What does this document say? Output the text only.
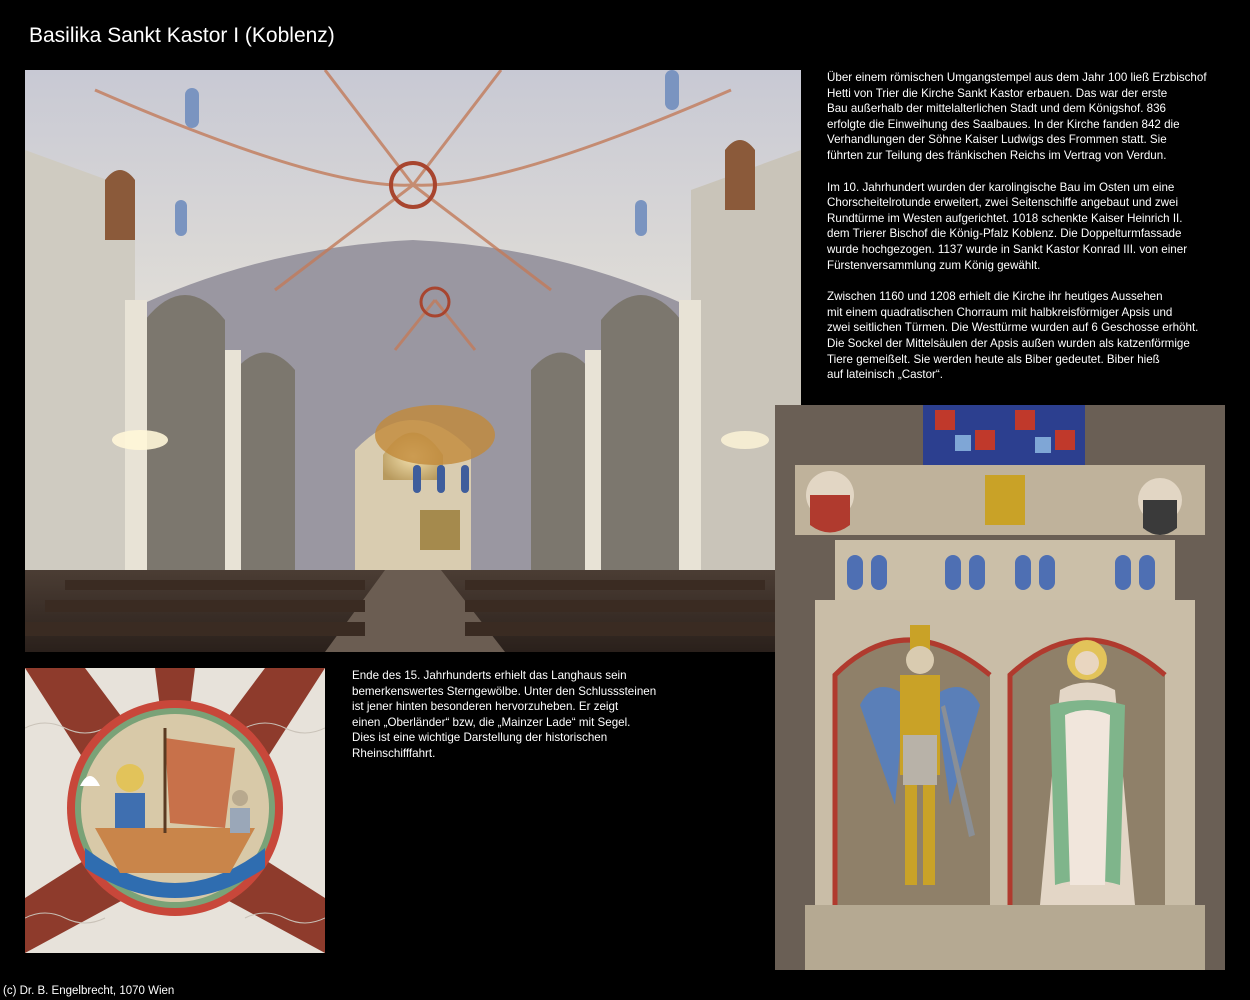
Basilika Sankt Kastor I (Koblenz)

Über einem römischen Umgangstempel aus dem Jahr 100 ließ Erzbischof
Hetti von Trier die Kirche Sankt Kastor erbauen. Das war der erste
Bau außerhalb der mittelalterlichen Stadt und dem Königshof. 836
erfolgte die Einweihung des Saalbaues. In der Kirche fanden 842 die
Verhandlungen der Söhne Kaiser Ludwigs des Frommen statt. Sie
führten zur Teilung des fränkischen Reichs im Vertrag von Verdun.

Im 10. Jahrhundert wurden der karolingische Bau im Osten um eine
Chorscheitelrotunde erweitert, zwei Seitenschiffe angebaut und zwei
Rundtürme im Westen aufgerichtet. 1018 schenkte Kaiser Heinrich II.
dem Trierer Bischof die König-Pfalz Koblenz. Die Doppelturmfassade
wurde hochgezogen. 1137 wurde in Sankt Kastor Konrad III. von einer
Fürstenversammlung zum König gewählt.

Zwischen 1160 und 1208 erhielt die Kirche ihr heutiges Aussehen
mit einem quadratischen Chorraum mit halbkreisförmiger Apsis und
zwei seitlichen Türmen. Die Westtürme wurden auf 6 Geschosse erhöht.
Die Sockel der Mittelsäulen der Apsis außen wurden als katzenförmige
Tiere gemeißelt. Sie werden heute als Biber gedeutet. Biber hieß
auf lateinisch „Castor“.

Ende des 15. Jahrhunderts erhielt das Langhaus sein
bemerkenswertes Sterngewölbe. Unter den Schlusssteinen
ist jener hinten besonderen hervorzuheben. Er zeigt
einen „Oberländer“ bzw, die „Mainzer Lade“ mit Segel.
Dies ist eine wichtige Darstellung der historischen
Rheinschifffahrt.
(c) Dr. B. Engelbrecht, 1070 Wien
